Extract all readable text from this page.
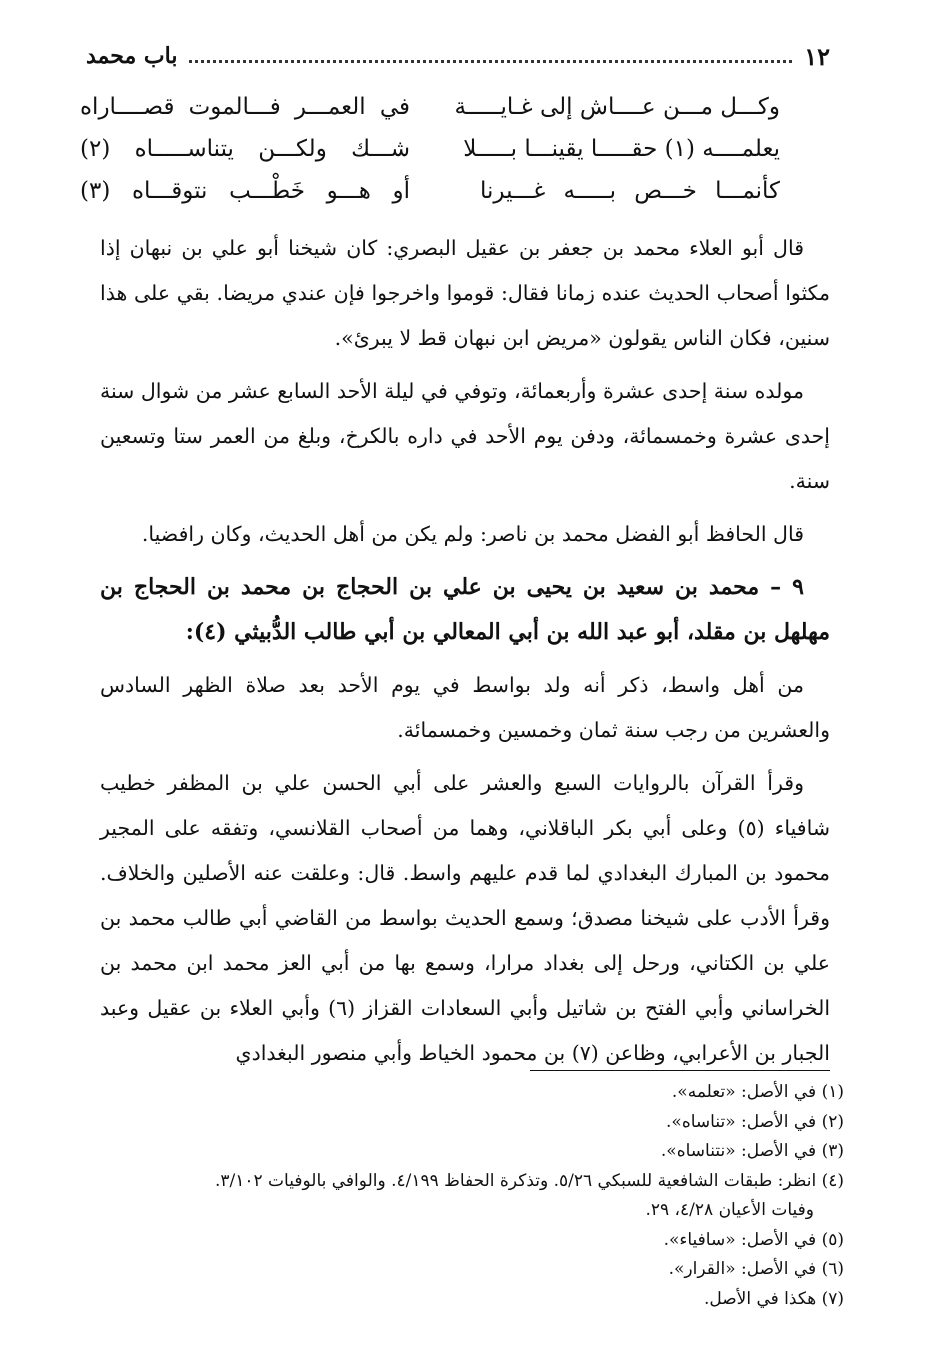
١٢
باب محمد
وكـــل مـــن عــــاش إلى غـايـــــة
في العمـــر فـــالموت قصــــاراه
يعلمــــه (١) حقـــــا يقينـــا بـــــلا
شـــك ولكـــن يتناســـــاه (٢)
كأنمـــا خـــص بـــــه غـــيرنا
أو هـــو خَطْـــب نتوقـــاه (٣)

قال أبو العلاء محمد بن جعفر بن عقيل البصري: كان شيخنا أبو علي بن نبهان إذا مكثوا أصحاب الحديث عنده زمانا فقال: قوموا واخرجوا فإن عندي مريضا. بقي على هذا سنين، فكان الناس يقولون «مريض ابن نبهان قط لا يبرئ».

مولده سنة إحدى عشرة وأربعمائة، وتوفي في ليلة الأحد السابع عشر من شوال سنة إحدى عشرة وخمسمائة، ودفن يوم الأحد في داره بالكرخ، وبلغ من العمر ستا وتسعين سنة.

قال الحافظ أبو الفضل محمد بن ناصر: ولم يكن من أهل الحديث، وكان رافضيا.

٩ – محمد بن سعيد بن يحيى بن علي بن الحجاج بن محمد بن الحجاج بن مهلهل بن مقلد، أبو عبد الله بن أبي المعالي بن أبي طالب الدُّبيثي (٤):

من أهل واسط، ذكر أنه ولد بواسط في يوم الأحد بعد صلاة الظهر السادس والعشرين من رجب سنة ثمان وخمسين وخمسمائة.

وقرأ القرآن بالروايات السبع والعشر على أبي الحسن علي بن المظفر خطيب شافياء (٥) وعلى أبي بكر الباقلاني، وهما من أصحاب القلانسي، وتفقه على المجير محمود بن المبارك البغدادي لما قدم عليهم واسط. قال: وعلقت عنه الأصلين والخلاف. وقرأ الأدب على شيخنا مصدق؛ وسمع الحديث بواسط من القاضي أبي طالب محمد بن علي بن الكتاني، ورحل إلى بغداد مرارا، وسمع بها من أبي العز محمد ابن محمد بن الخراساني وأبي الفتح بن شاتيل وأبي السعادات القزاز (٦) وأبي العلاء بن عقيل وعبد الجبار بن الأعرابي، وظاعن (٧) بن محمود الخياط وأبي منصور البغدادي

(١) في الأصل: «تعلمه».
(٢) في الأصل: «تناساه».
(٣) في الأصل: «نتناساه».
(٤) انظر: طبقات الشافعية للسبكي ٥/٢٦. وتذكرة الحفاظ ٤/١٩٩. والوافي بالوفيات ٣/١٠٢.
وفيات الأعيان ٤/٢٨، ٢٩.
(٥) في الأصل: «سافياء».
(٦) في الأصل: «القرار».
(٧) هكذا في الأصل.
